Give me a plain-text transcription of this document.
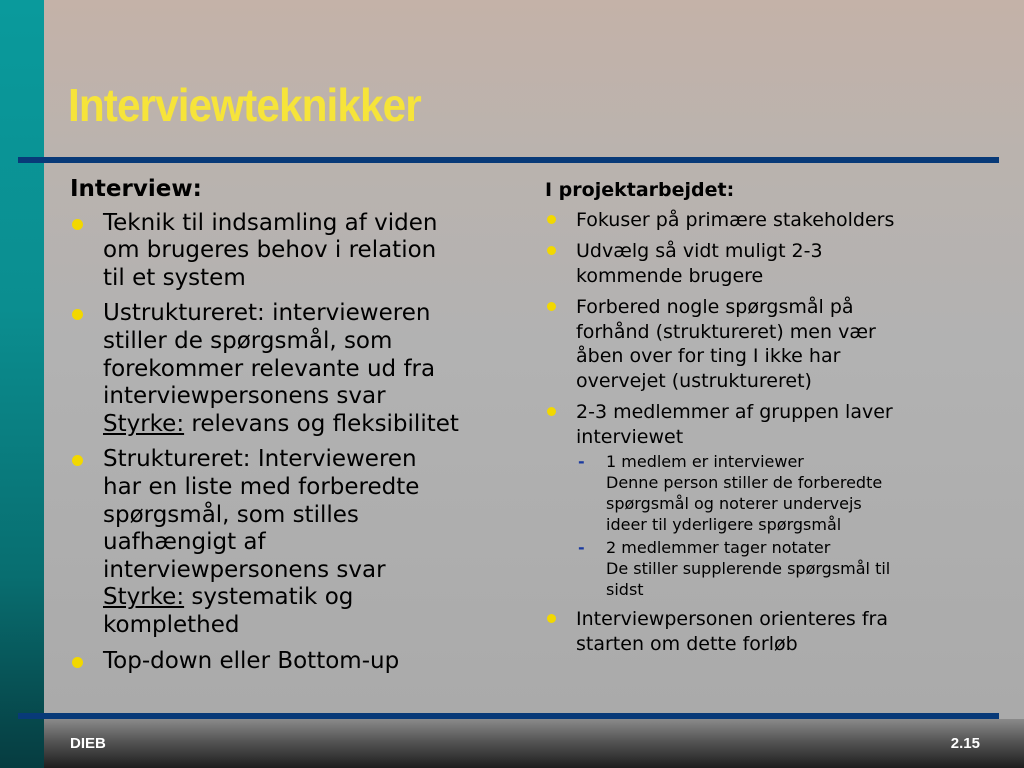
Interviewteknikker
Interview:
Teknik til indsamling af viden
om brugeres behov i relation
til et system
Ustruktureret: intervieweren
stiller de spørgsmål, som
forekommer relevante ud fra
interviewpersonens svar
Styrke: relevans og fleksibilitet
Struktureret: Intervieweren
har en liste med forberedte
spørgsmål, som stilles
uafhængigt af
interviewpersonens svar
Styrke: systematik og
komplethed
Top-down eller Bottom-up
I projektarbejdet:
Fokuser på primære stakeholders
Udvælg så vidt muligt 2-3
kommende brugere
Forbered nogle spørgsmål på
forhånd (struktureret) men vær
åben over for ting I ikke har
overvejet (ustruktureret)
2-3 medlemmer af gruppen laver
interviewet
- 1 medlem er interviewer
Denne person stiller de forberedte
spørgsmål og noterer undervejs
ideer til yderligere spørgsmål
- 2 medlemmer tager notater
De stiller supplerende spørgsmål til
sidst
Interviewpersonen orienteres fra
starten om dette forløb
DIEB	2.15
